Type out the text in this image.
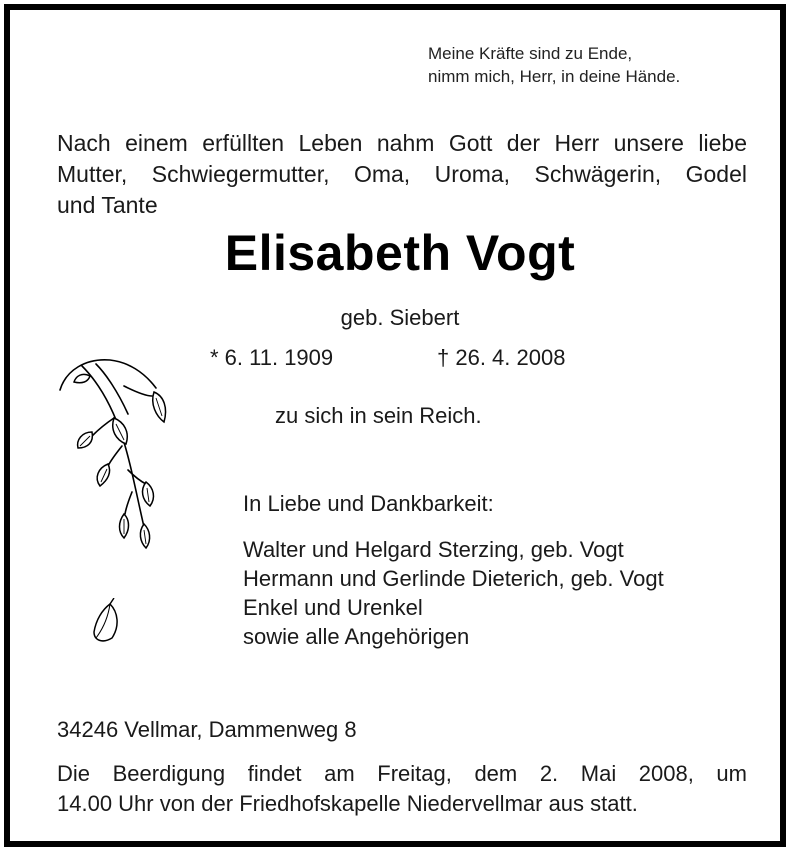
Meine Kräfte sind zu Ende,
nimm mich, Herr, in deine Hände.
Nach einem erfüllten Leben nahm Gott der Herr unsere liebe
Mutter, Schwiegermutter, Oma, Uroma, Schwägerin, Godel
und Tante
Elisabeth Vogt
geb. Siebert
* 6. 11. 1909	† 26. 4. 2008
zu sich in sein Reich.
In Liebe und Dankbarkeit:
Walter und Helgard Sterzing, geb. Vogt
Hermann und Gerlinde Dieterich, geb. Vogt
Enkel und Urenkel
sowie alle Angehörigen
34246 Vellmar, Dammenweg 8
Die Beerdigung findet am Freitag, dem 2. Mai 2008, um
14.00 Uhr von der Friedhofskapelle Niedervellmar aus statt.
